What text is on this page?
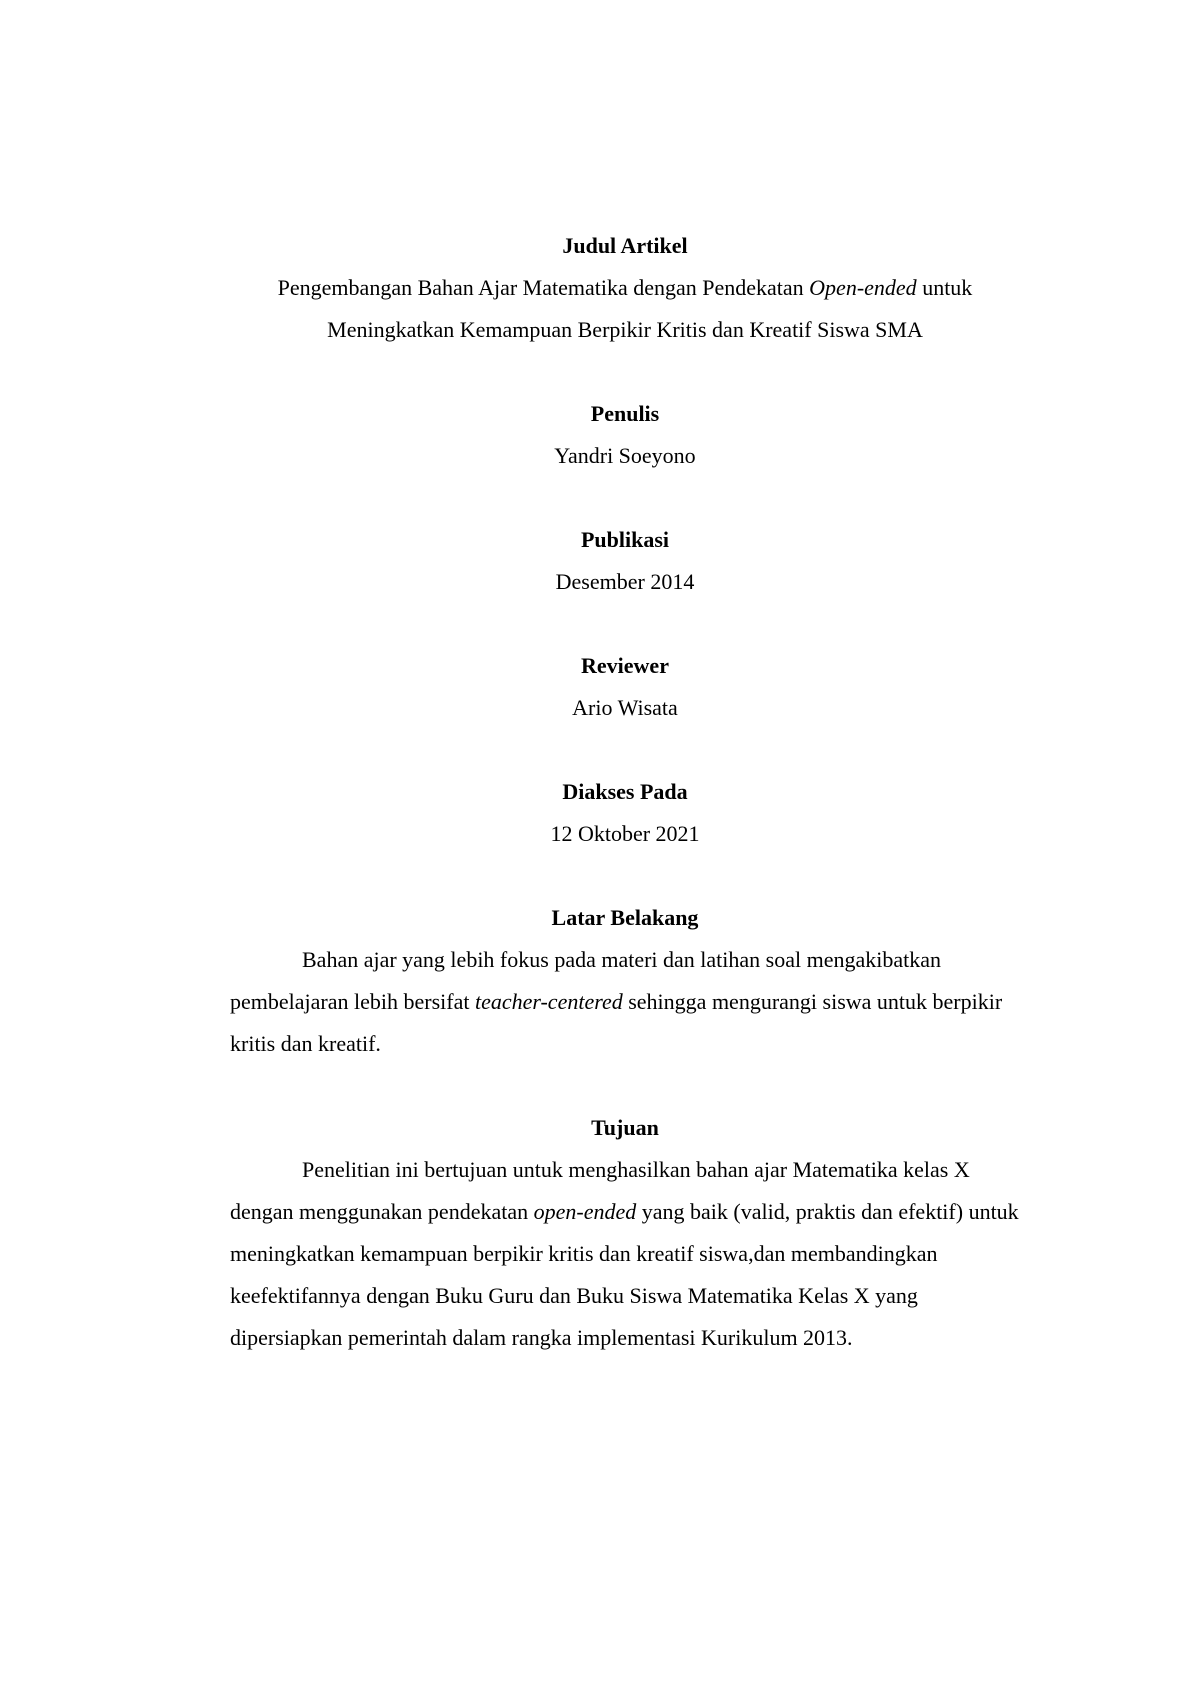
Judul Artikel

Pengembangan Bahan Ajar Matematika dengan Pendekatan Open-ended untuk Meningkatkan Kemampuan Berpikir Kritis dan Kreatif Siswa SMA

Penulis

Yandri Soeyono

Publikasi

Desember 2014

Reviewer

Ario Wisata

Diakses Pada

12 Oktober 2021

Latar Belakang

Bahan ajar yang lebih fokus pada materi dan latihan soal mengakibatkan pembelajaran lebih bersifat teacher-centered sehingga mengurangi siswa untuk berpikir kritis dan kreatif.

Tujuan

Penelitian ini bertujuan untuk menghasilkan bahan ajar Matematika kelas X dengan menggunakan pendekatan open-ended yang baik (valid, praktis dan efektif) untuk meningkatkan kemampuan berpikir kritis dan kreatif siswa,dan membandingkan keefektifannya dengan Buku Guru dan Buku Siswa Matematika Kelas X yang dipersiapkan pemerintah dalam rangka implementasi Kurikulum 2013.
